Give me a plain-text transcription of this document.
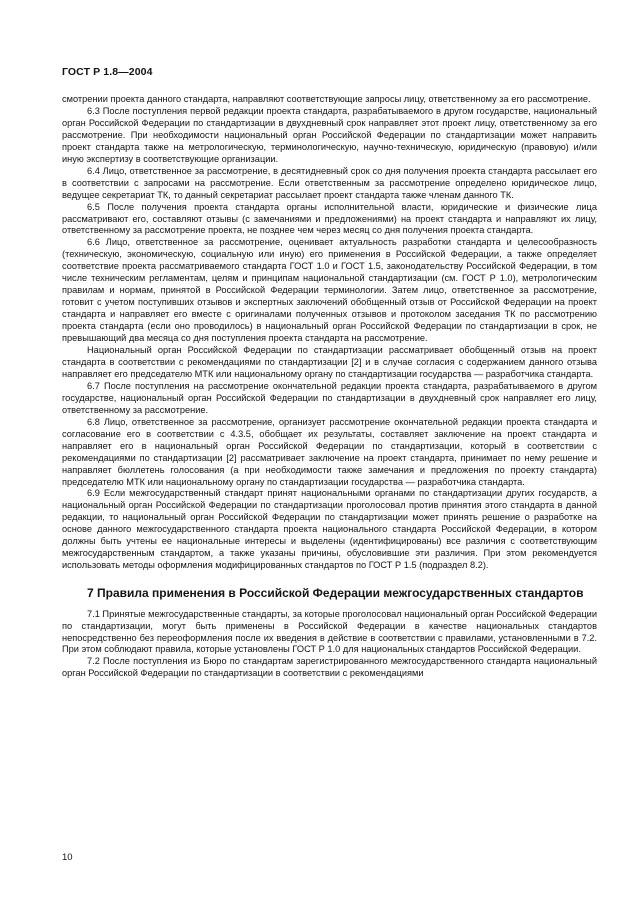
ГОСТ Р 1.8—2004

смотрении проекта данного стандарта, направляют соответствующие запросы лицу, ответственному за его рассмотрение.

6.3 После поступления первой редакции проекта стандарта, разрабатываемого в другом государстве, национальный орган Российской Федерации по стандартизации в двухдневный срок направляет этот проект лицу, ответственному за его рассмотрение. При необходимости национальный орган Российской Федерации по стандартизации может направить проект стандарта также на метрологическую, терминологическую, научно-техническую, юридическую (правовую) и/или иную экспертизу в соответствующие организации.

6.4 Лицо, ответственное за рассмотрение, в десятидневный срок со дня получения проекта стандарта рассылает его в соответствии с запросами на рассмотрение. Если ответственным за рассмотрение определено юридическое лицо, ведущее секретариат ТК, то данный секретариат рассылает проект стандарта также членам данного ТК.

6.5 После получения проекта стандарта органы исполнительной власти, юридические и физические лица рассматривают его, составляют отзывы (с замечаниями и предложениями) на проект стандарта и направляют их лицу, ответственному за рассмотрение проекта, не позднее чем через месяц со дня получения проекта стандарта.

6.6 Лицо, ответственное за рассмотрение, оценивает актуальность разработки стандарта и целесообразность (техническую, экономическую, социальную или иную) его применения в Российской Федерации, а также определяет соответствие проекта рассматриваемого стандарта ГОСТ 1.0 и ГОСТ 1.5, законодательству Российской Федерации, в том числе техническим регламентам, целям и принципам национальной стандартизации (см. ГОСТ Р 1.0), метрологическим правилам и нормам, принятой в Российской Федерации терминологии. Затем лицо, ответственное за рассмотрение, готовит с учетом поступивших отзывов и экспертных заключений обобщенный отзыв от Российской Федерации на проект стандарта и направляет его вместе с оригиналами полученных отзывов и протоколом заседания ТК по рассмотрению проекта стандарта (если оно проводилось) в национальный орган Российской Федерации по стандартизации в срок, не превышающий два месяца со дня поступления проекта стандарта на рассмотрение.

Национальный орган Российской Федерации по стандартизации рассматривает обобщенный отзыв на проект стандарта в соответствии с рекомендациями по стандартизации [2] и в случае согласия с содержанием данного отзыва направляет его председателю МТК или национальному органу по стандартизации государства — разработчика стандарта.

6.7 После поступления на рассмотрение окончательной редакции проекта стандарта, разрабатываемого в другом государстве, национальный орган Российской Федерации по стандартизации в двухдневный срок направляет его лицу, ответственному за рассмотрение.

6.8 Лицо, ответственное за рассмотрение, организует рассмотрение окончательной редакции проекта стандарта и согласование его в соответствии с 4.3.5, обобщает их результаты, составляет заключение на проект стандарта и направляет его в национальный орган Российской Федерации по стандартизации, который в соответствии с рекомендациями по стандартизации [2] рассматривает заключение на проект стандарта, принимает по нему решение и направляет бюллетень голосования (а при необходимости также замечания и предложения по проекту стандарта) председателю МТК или национальному органу по стандартизации государства — разработчика стандарта.

6.9 Если межгосударственный стандарт принят национальными органами по стандартизации других государств, а национальный орган Российской Федерации по стандартизации проголосовал против принятия этого стандарта в данной редакции, то национальный орган Российской Федерации по стандартизации может принять решение о разработке на основе данного межгосударственного стандарта проекта национального стандарта Российской Федерации, в котором должны быть учтены ее национальные интересы и выделены (идентифицированы) все различия с соответствующим межгосударственным стандартом, а также указаны причины, обусловившие эти различия. При этом рекомендуется использовать методы оформления модифицированных стандартов по ГОСТ Р 1.5 (подраздел 8.2).

7 Правила применения в Российской Федерации межгосударственных стандартов

7.1 Принятые межгосударственные стандарты, за которые проголосовал национальный орган Российской Федерации по стандартизации, могут быть применены в Российской Федерации в качестве национальных стандартов непосредственно без переоформления после их введения в действие в соответствии с правилами, установленными в 7.2. При этом соблюдают правила, которые установлены ГОСТ Р 1.0 для национальных стандартов Российской Федерации.

7.2 После поступления из Бюро по стандартам зарегистрированного межгосударственного стандарта национальный орган Российской Федерации по стандартизации в соответствии с рекомендациями

10
